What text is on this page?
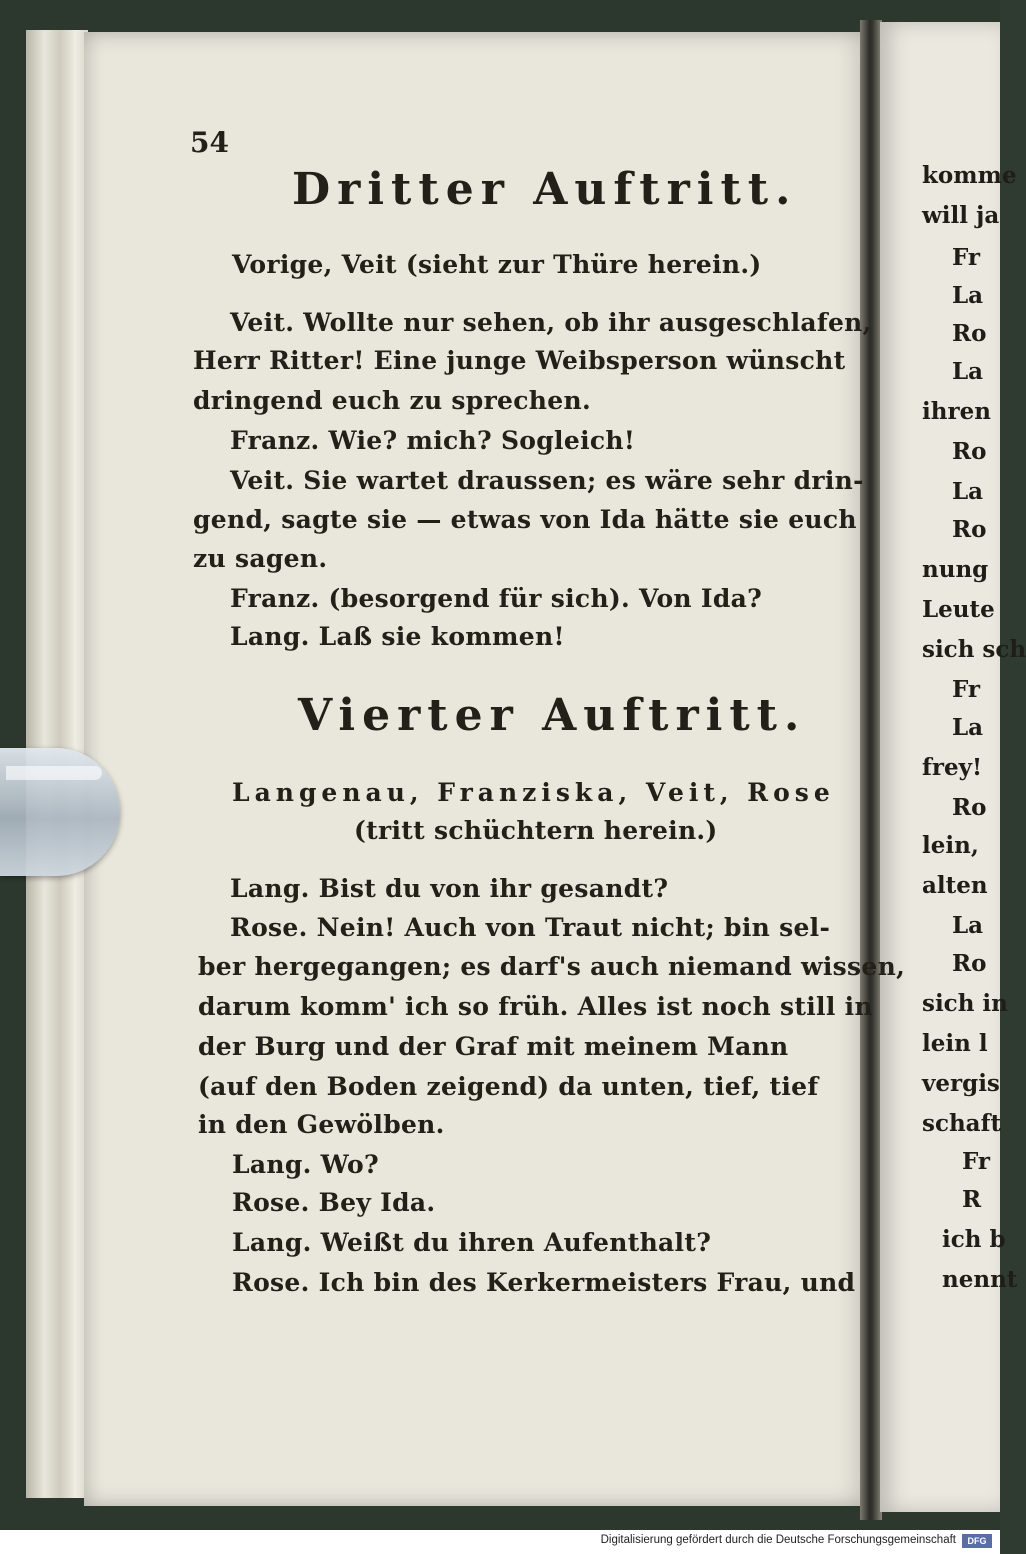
54
Dritter Auftritt.
Vorige, Veit (sieht zur Thüre herein.)
Veit. Wollte nur sehen, ob ihr ausgeschlafen,
Herr Ritter! Eine junge Weibsperson wünscht
dringend euch zu sprechen.
Franz. Wie? mich? Sogleich!
Veit. Sie wartet draussen; es wäre sehr drin-
gend, sagte sie — etwas von Ida hätte sie euch
zu sagen.
Franz. (besorgend für sich). Von Ida?
Lang. Laß sie kommen!
Vierter Auftritt.
Langenau, Franziska, Veit, Rose
(tritt schüchtern herein.)
Lang. Bist du von ihr gesandt?
Rose. Nein! Auch von Traut nicht; bin sel-
ber hergegangen; es darf's auch niemand wissen,
darum komm' ich so früh. Alles ist noch still in
der Burg und der Graf mit meinem Mann
(auf den Boden zeigend) da unten, tief, tief
in den Gewölben.
Lang. Wo?
Rose. Bey Ida.
Lang. Weißt du ihren Aufenthalt?
Rose. Ich bin des Kerkermeisters Frau, und
komme
will ja
Fr
La
Ro
La
ihren
Ro
La
Ro
nung
Leute
sich sch
Fr
La
frey!
Ro
lein,
alten
La
Ro
sich in
lein l
vergis
schaft
Fr
R
ich b
nennt
Digitalisierung gefördert durch die Deutsche Forschungsgemeinschaft	DFG
